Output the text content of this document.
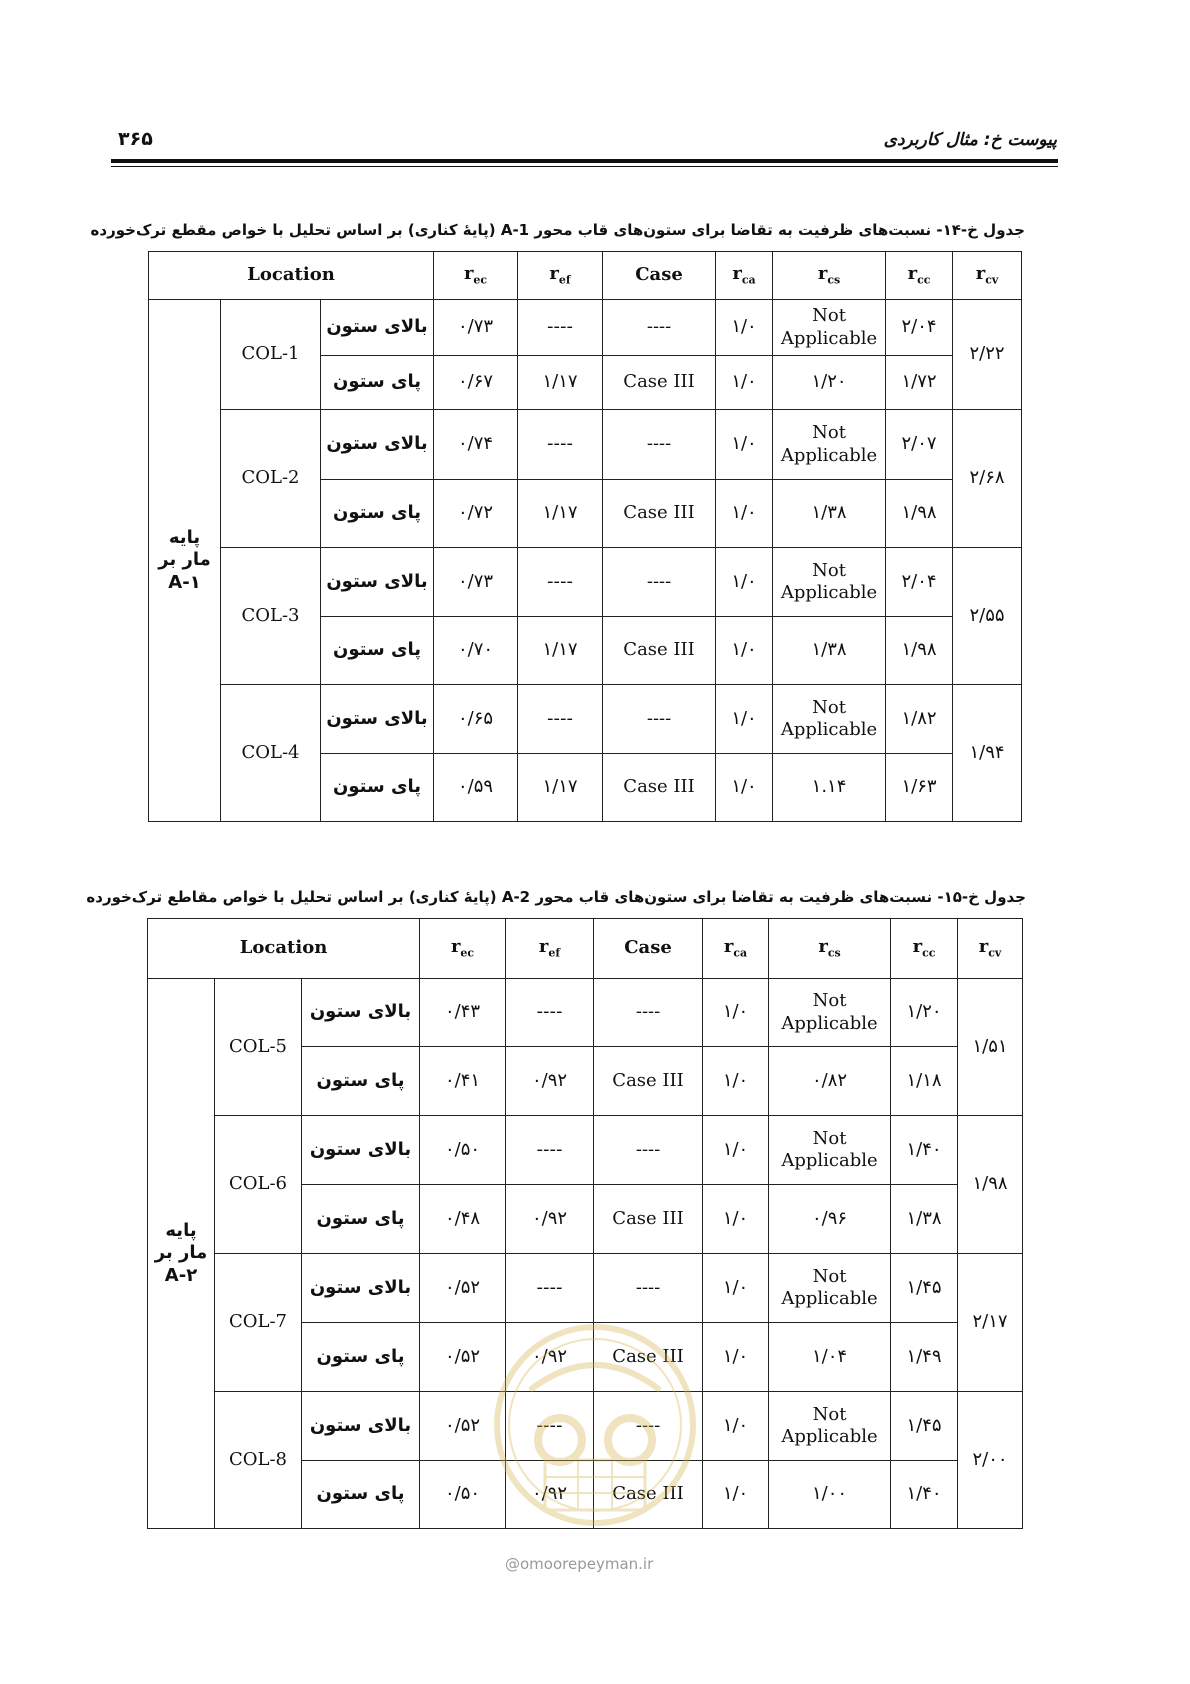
۳۶۵	پیوست خ: مثال کاربردی
جدول خ-۱۴- نسبت‌های ظرفیت به تقاضا برای ستون‌های قاب محور A-1 (پایهٔ کناری) بر اساس تحلیل با خواص مقطع ترک‌خورده
Location			$r_{ec}$	$r_{ef}$	Case	$r_{ca}$	$r_{cs}$	$r_{cc}$	$r_{cv}$

پایه
مار بر
A-۱	COL-1	بالای ستون	۰/۷۳	----	----	۱/۰	Not Applicable	۲/۰۴	۲/۲۲
		پای ستون	۰/۶۷	۱/۱۷	Case III	۱/۰	۱/۲۰	۱/۷۲	
	COL-2	بالای ستون	۰/۷۴	----	----	۱/۰	Not Applicable	۲/۰۷	۲/۶۸
		پای ستون	۰/۷۲	۱/۱۷	Case III	۱/۰	۱/۳۸	۱/۹۸	
	COL-3	بالای ستون	۰/۷۳	----	----	۱/۰	Not Applicable	۲/۰۴	۲/۵۵
		پای ستون	۰/۷۰	۱/۱۷	Case III	۱/۰	۱/۳۸	۱/۹۸	
	COL-4	بالای ستون	۰/۶۵	----	----	۱/۰	Not Applicable	۱/۸۲	۱/۹۴
		پای ستون	۰/۵۹	۱/۱۷	Case III	۱/۰	۱.۱۴	۱/۶۳	
جدول خ-۱۵- نسبت‌های ظرفیت به تقاضا برای ستون‌های قاب محور A-2 (پایهٔ کناری) بر اساس تحلیل با خواص مقاطع ترک‌خورده
Location			$r_{ec}$	$r_{ef}$	Case	$r_{ca}$	$r_{cs}$	$r_{cc}$	$r_{cv}$

پایه
مار بر
A-۲	COL-5	بالای ستون	۰/۴۳	----	----	۱/۰	Not Applicable	۱/۲۰	۱/۵۱
		پای ستون	۰/۴۱	۰/۹۲	Case III	۱/۰	۰/۸۲	۱/۱۸	
	COL-6	بالای ستون	۰/۵۰	----	----	۱/۰	Not Applicable	۱/۴۰	۱/۹۸
		پای ستون	۰/۴۸	۰/۹۲	Case III	۱/۰	۰/۹۶	۱/۳۸	
	COL-7	بالای ستون	۰/۵۲	----	----	۱/۰	Not Applicable	۱/۴۵	۲/۱۷
		پای ستون	۰/۵۲	۰/۹۲	Case III	۱/۰	۱/۰۴	۱/۴۹	
	COL-8	بالای ستون	۰/۵۲	----	----	۱/۰	Not Applicable	۱/۴۵	۲/۰۰
		پای ستون	۰/۵۰	۰/۹۲	Case III	۱/۰	۱/۰۰	۱/۴۰	
@omoorepeyman.ir
